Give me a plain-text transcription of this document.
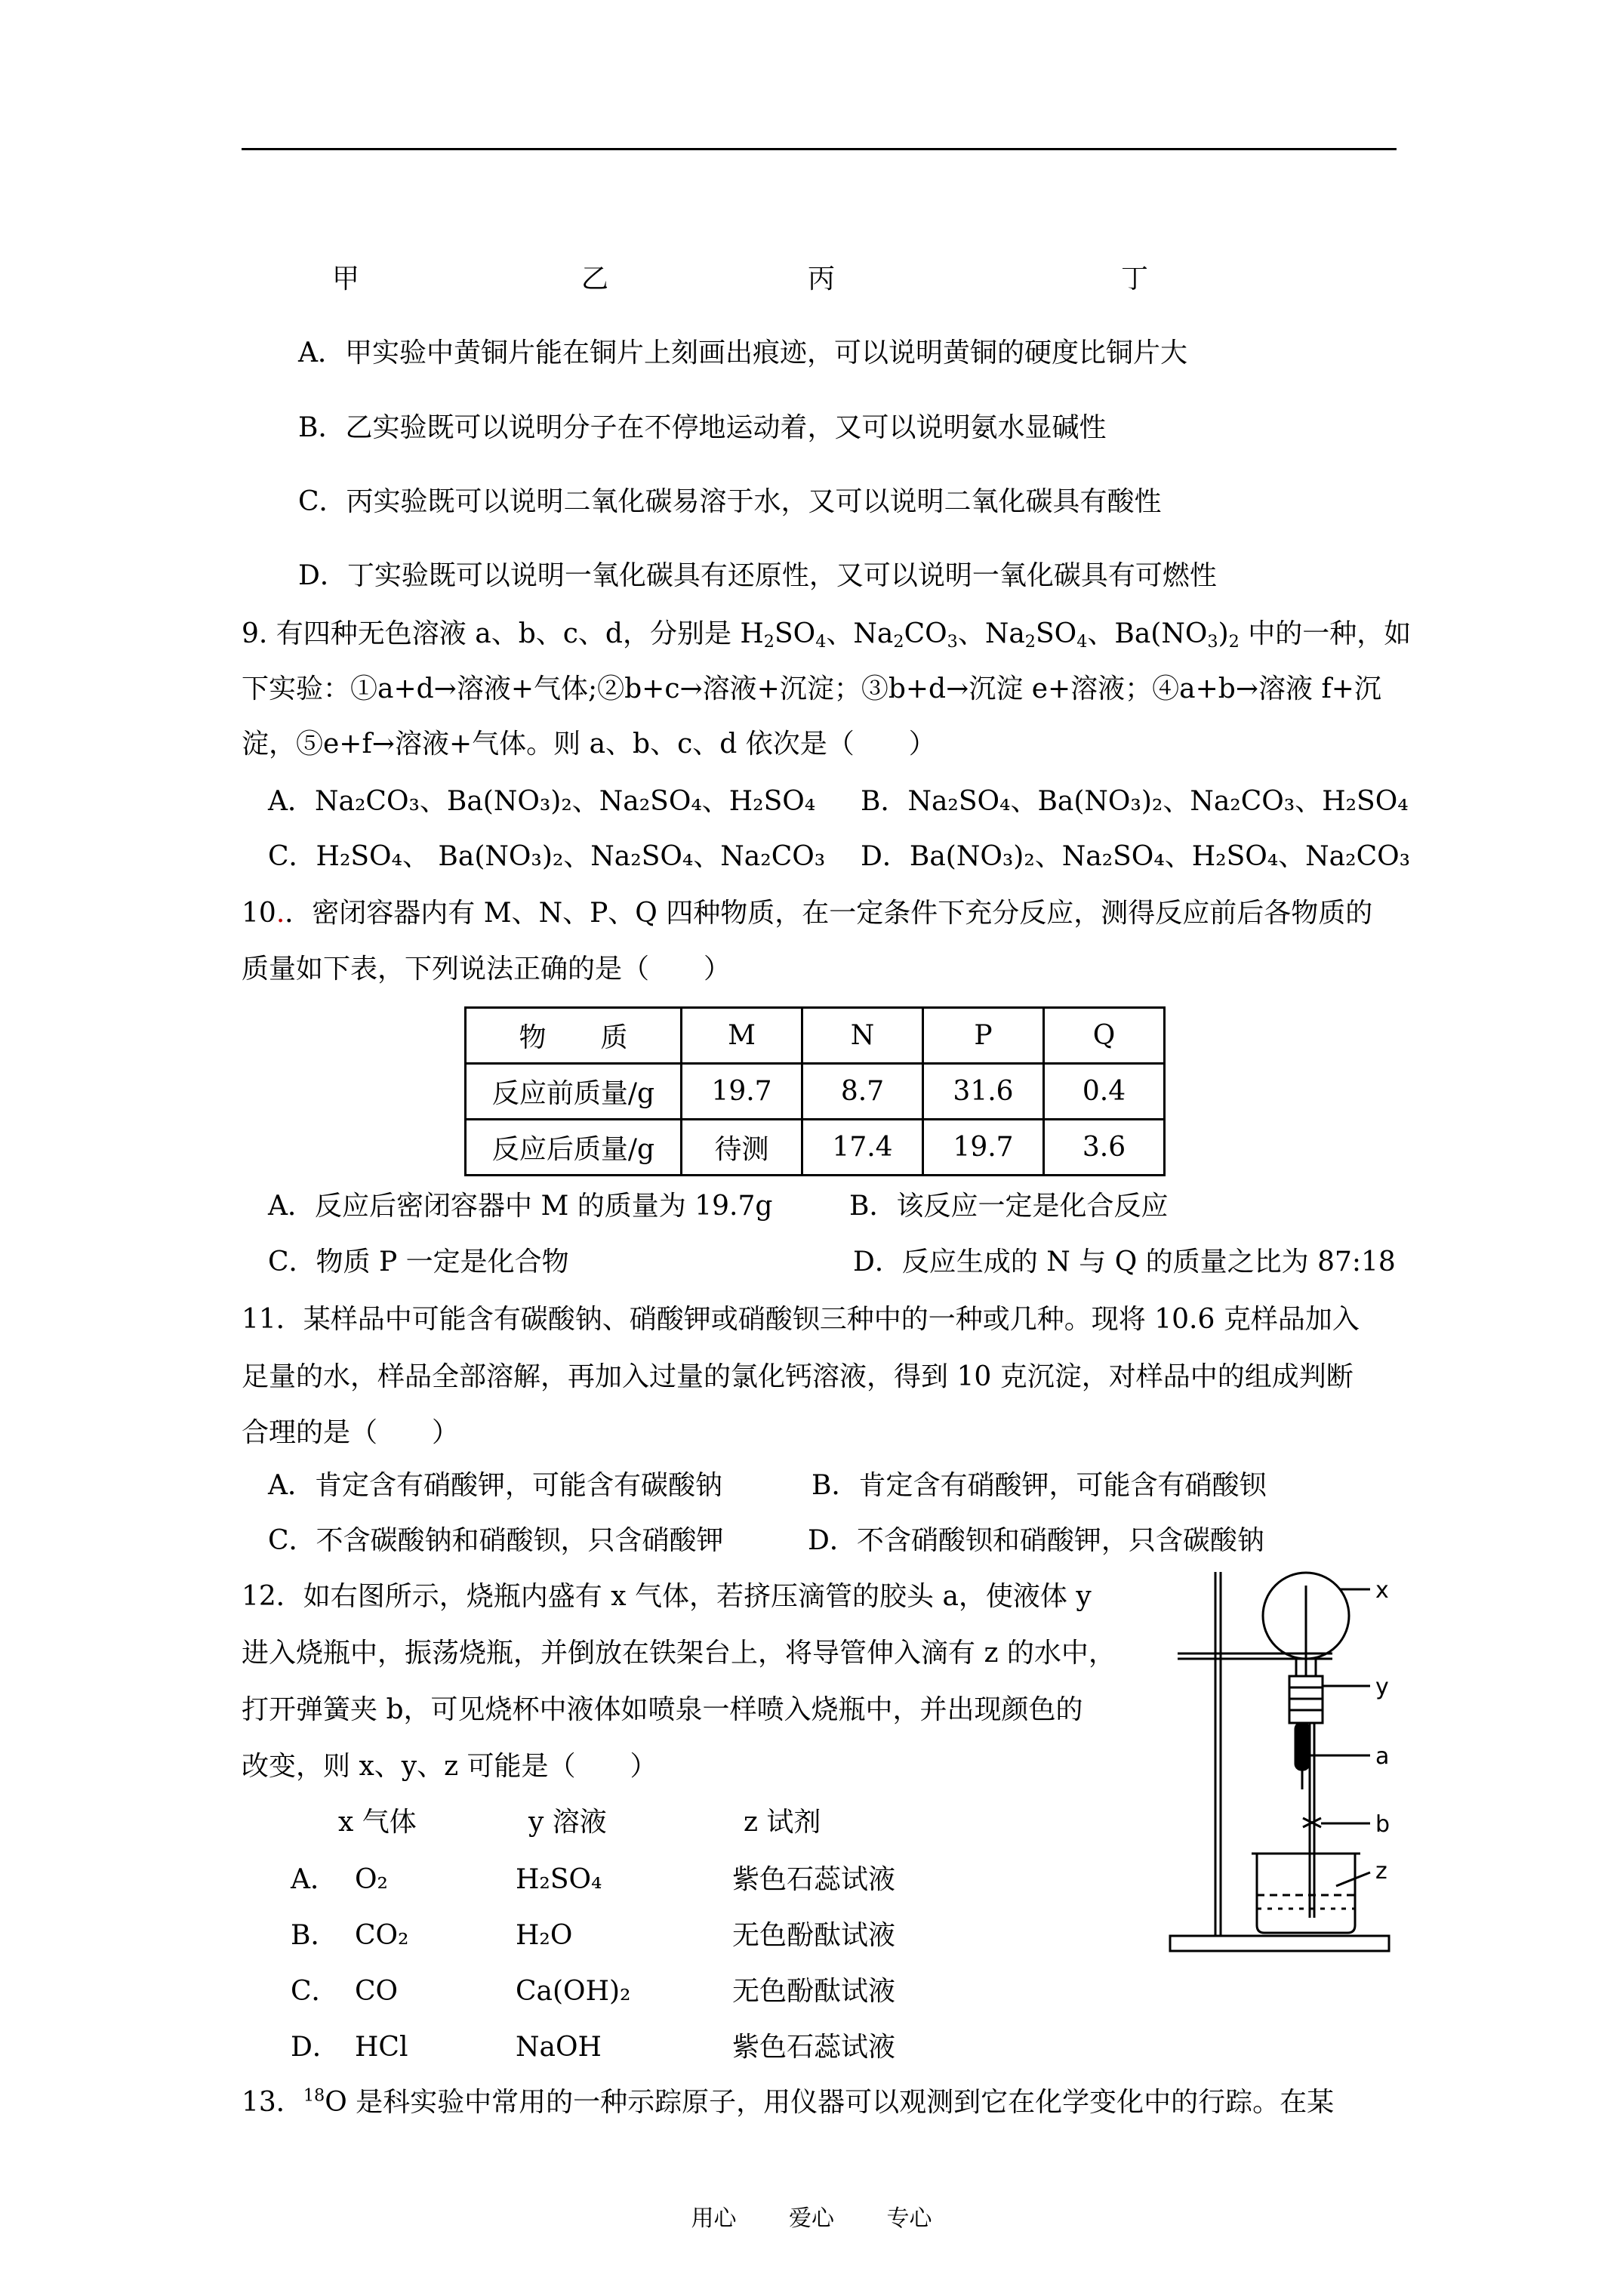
甲	乙	丙	丁
A．甲实验中黄铜片能在铜片上刻画出痕迹，可以说明黄铜的硬度比铜片大
B．乙实验既可以说明分子在不停地运动着，又可以说明氨水显碱性
C．丙实验既可以说明二氧化碳易溶于水，又可以说明二氧化碳具有酸性
D．丁实验既可以说明一氧化碳具有还原性，又可以说明一氧化碳具有可燃性
9. 有四种无色溶液 a、b、c、d，分别是 $H_2SO_4$、$Na_2CO_3$、$Na_2SO_4$、$Ba(NO_3)_2$ 中的一种，如
下实验：①a+d→溶液+气体;②b+c→溶液+沉淀；③b+d→沉淀 e+溶液；④a+b→溶液 f+沉
淀，⑤e+f→溶液+气体。则 a、b、c、d 依次是（　　）
A．Na₂CO₃、Ba(NO₃)₂、Na₂SO₄、H₂SO₄ B．Na₂SO₄、Ba(NO₃)₂、Na₂CO₃、H₂SO₄
C．H₂SO₄、 Ba(NO₃)₂、Na₂SO₄、Na₂CO₃ D．Ba(NO₃)₂、Na₂SO₄、H₂SO₄、Na₂CO₃
10.．密闭容器内有 M、N、P、Q 四种物质，在一定条件下充分反应，测得反应前后各物质的
质量如下表，下列说法正确的是（　　）
物　　质	M	N	P	Q
反应前质量/g	19.7	8.7	31.6	0.4
反应后质量/g	待测	17.4	19.7	3.6
A．反应后密闭容器中 M 的质量为 19.7g	B．该反应一定是化合反应
C．物质 P 一定是化合物	D．反应生成的 N 与 Q 的质量之比为 87:18
11．某样品中可能含有碳酸钠、硝酸钾或硝酸钡三种中的一种或几种。现将 10.6 克样品加入
足量的水，样品全部溶解，再加入过量的氯化钙溶液，得到 10 克沉淀，对样品中的组成判断
合理的是（　　）
A．肯定含有硝酸钾，可能含有碳酸钠	B．肯定含有硝酸钾，可能含有硝酸钡
C．不含碳酸钠和硝酸钡，只含硝酸钾	D．不含硝酸钡和硝酸钾，只含碳酸钠
12．如右图所示，烧瓶内盛有 x 气体，若挤压滴管的胶头 a，使液体 y
进入烧瓶中，振荡烧瓶，并倒放在铁架台上，将导管伸入滴有 z 的水中，
打开弹簧夹 b，可见烧杯中液体如喷泉一样喷入烧瓶中，并出现颜色的
改变，则 x、y、z 可能是（　　）
x 气体	y 溶液	z 试剂
A． O₂	H₂SO₄	紫色石蕊试液
B． CO₂	H₂O	无色酚酞试液
C． CO	Ca(OH)₂	无色酚酞试液
D． HCl	NaOH	紫色石蕊试液
x
y
a
b
z
13．$^{18}$O 是科实验中常用的一种示踪原子，用仪器可以观测到它在化学变化中的行踪。在某
用心 爱心 专心
